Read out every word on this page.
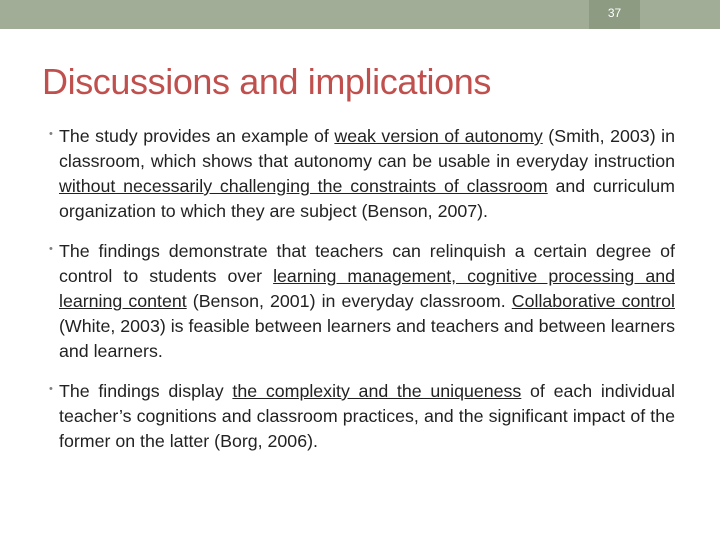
37
Discussions and implications
• The study provides an example of weak version of autonomy (Smith, 2003) in classroom, which shows that autonomy can be usable in everyday instruction without necessarily challenging the constraints of classroom and curriculum organization to which they are subject (Benson, 2007).
• The findings demonstrate that teachers can relinquish a certain degree of control to students over learning management, cognitive processing and learning content (Benson, 2001) in everyday classroom. Collaborative control (White, 2003) is feasible between learners and teachers and between learners and learners.
• The findings display the complexity and the uniqueness of each individual teacher’s cognitions and classroom practices, and the significant impact of the former on the latter (Borg, 2006).
